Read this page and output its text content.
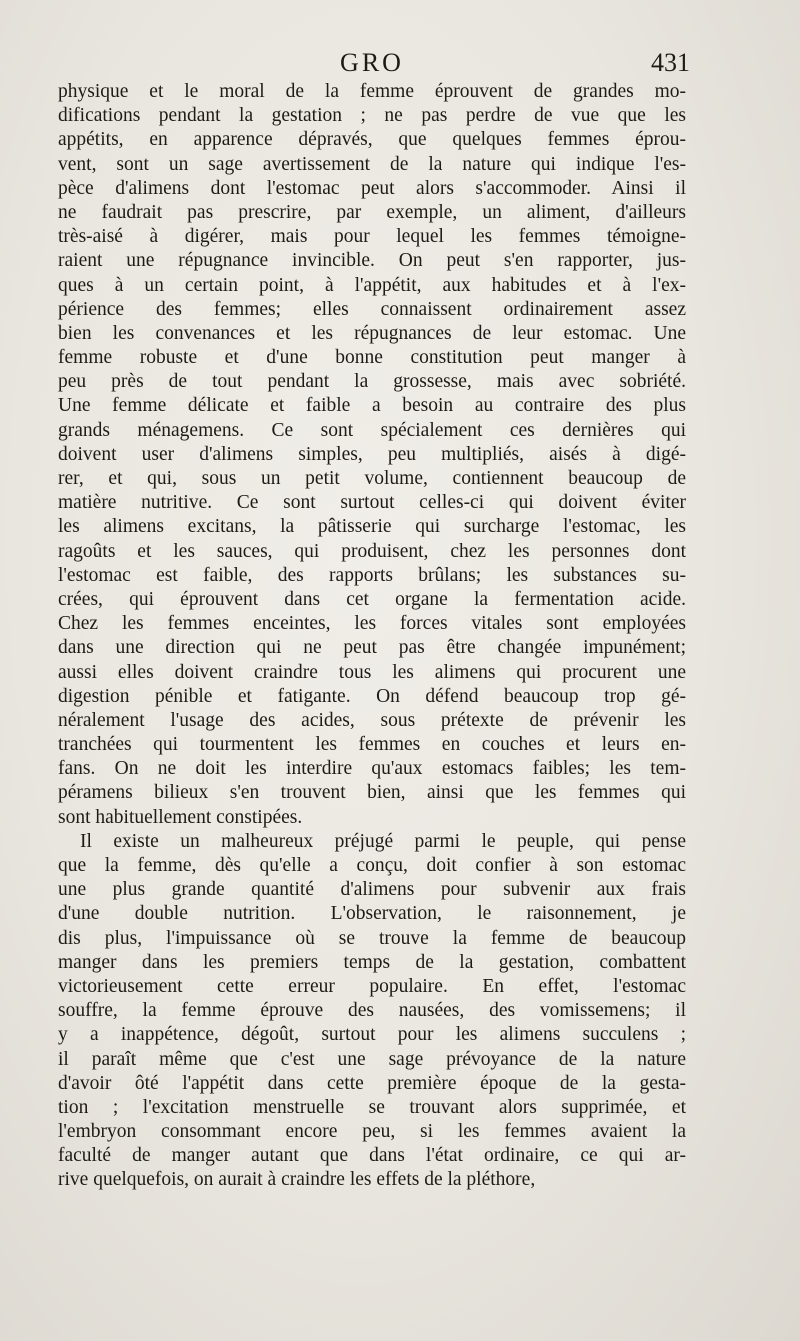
GRO	431
physique et le moral de la femme éprouvent de grandes mo-
difications pendant la gestation ; ne pas perdre de vue que les
appétits, en apparence dépravés, que quelques femmes éprou-
vent, sont un sage avertissement de la nature qui indique l'es-
pèce d'alimens dont l'estomac peut alors s'accommoder. Ainsi il
ne faudrait pas prescrire, par exemple, un aliment, d'ailleurs
très-aisé à digérer, mais pour lequel les femmes témoigne-
raient une répugnance invincible. On peut s'en rapporter, jus-
ques à un certain point, à l'appétit, aux habitudes et à l'ex-
périence des femmes; elles connaissent ordinairement assez
bien les convenances et les répugnances de leur estomac. Une
femme robuste et d'une bonne constitution peut manger à
peu près de tout pendant la grossesse, mais avec sobriété.
Une femme délicate et faible a besoin au contraire des plus
grands ménagemens. Ce sont spécialement ces dernières qui
doivent user d'alimens simples, peu multipliés, aisés à digé-
rer, et qui, sous un petit volume, contiennent beaucoup de
matière nutritive. Ce sont surtout celles-ci qui doivent éviter
les alimens excitans, la pâtisserie qui surcharge l'estomac, les
ragoûts et les sauces, qui produisent, chez les personnes dont
l'estomac est faible, des rapports brûlans; les substances su-
crées, qui éprouvent dans cet organe la fermentation acide.
Chez les femmes enceintes, les forces vitales sont employées
dans une direction qui ne peut pas être changée impunément;
aussi elles doivent craindre tous les alimens qui procurent une
digestion pénible et fatigante. On défend beaucoup trop gé-
néralement l'usage des acides, sous prétexte de prévenir les
tranchées qui tourmentent les femmes en couches et leurs en-
fans. On ne doit les interdire qu'aux estomacs faibles; les tem-
péramens bilieux s'en trouvent bien, ainsi que les femmes qui
sont habituellement constipées.
Il existe un malheureux préjugé parmi le peuple, qui pense
que la femme, dès qu'elle a conçu, doit confier à son estomac
une plus grande quantité d'alimens pour subvenir aux frais
d'une double nutrition. L'observation, le raisonnement, je
dis plus, l'impuissance où se trouve la femme de beaucoup
manger dans les premiers temps de la gestation, combattent
victorieusement cette erreur populaire. En effet, l'estomac
souffre, la femme éprouve des nausées, des vomissemens; il
y a inappétence, dégoût, surtout pour les alimens succulens ;
il paraît même que c'est une sage prévoyance de la nature
d'avoir ôté l'appétit dans cette première époque de la gesta-
tion ; l'excitation menstruelle se trouvant alors supprimée, et
l'embryon consommant encore peu, si les femmes avaient la
faculté de manger autant que dans l'état ordinaire, ce qui ar-
rive quelquefois, on aurait à craindre les effets de la pléthore,
